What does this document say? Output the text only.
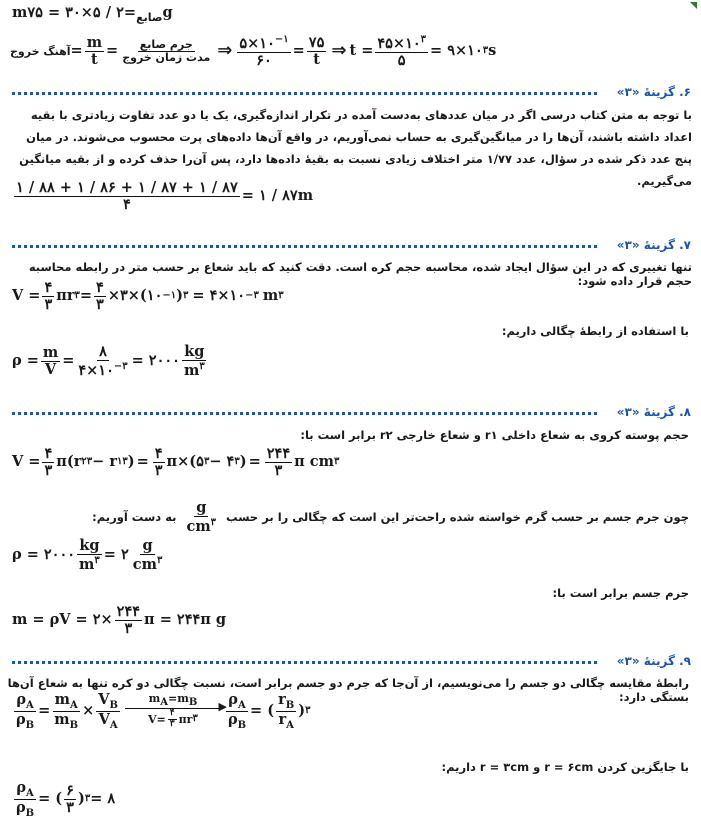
m	$_{صابع}$=۲ / ۵×۳۰ = ۷۵g
آهنگ خروج = $\frac{m}{t} = \frac{\text{جرم صابع}}{\text{مدت زمان خروج}}$ ⇒ $\frac{۵\times ۱۰^{-۱}}{۶۰} = \frac{۷۵}{t}$ ⇒ $t = \frac{۴۵\times ۱۰^۳}{۵}$ = ۹×۱۰ ۳ s
۶. گزینۀ «۳»
با توجه به متن کتاب درسی اگر در میان عددهای به‌دست آمده در تکرار اندازه‌گیری، یک یا دو عدد تفاوت زیادتری با بقیه اعداد داشته باشند، آن‌ها را در میانگین‌گیری به حساب نمی‌آوریم، در واقع آن‌ها داده‌های پرت محسوب می‌شوند. در میان پنج عدد ذکر شده در سؤال، عدد ۱/۷۷ متر اختلاف زیادی نسبت به بقیهٔ داده‌ها دارد، پس آن‌را حذف کرده و از بقیه میانگین می‌گیریم.
$\frac{۱ / ۸۸ + ۱ / ۸۶ + ۱ / ۸۷ + ۱ / ۸۷}{۴}$ = ۱ / ۸۷m
۷. گزینۀ «۳»
تنها تغییری که در این سؤال ایجاد شده، محاسبه حجم کره است. دقت کنید که باید شعاع بر حسب متر در رابطه محاسبه حجم قرار داده شود:
$V = \frac{۴}{۳}$ πr ۳ = $\frac{۴}{۳}$ ×۳×(۱۰ −۱ ) ۳ = ۴×۱۰ −۳ m ۳
با استفاده از رابطهٔ چگالی داریم:
$\rho = \frac{m}{V} = \frac{۸}{۴\times ۱۰^{-۳}}$ = ۲۰۰۰ $\frac{kg}{m^۳}$
۸. گزینۀ «۳»
حجم پوسته کروی به شعاع داخلی r۱ و شعاع خارجی r۲ برابر است با:
$V = \frac{۴}{۳} \pi(r$ ۲ ۳ − r ۱ ۳ ) = $\frac{۴}{۳}$ π×(۵ ۳ − ۴ ۳ ) = $\frac{۲۴۴}{۳}$ π cm ۳
چون جرم جسم بر حسب گرم خواسته شده راحت‌تر این است که چگالی را بر حسب
$\frac{g}{cm^۳}$
به دست آوریم:
ρ = ۲۰۰۰ $\frac{kg}{m^۳}$ = ۲ $\frac{g}{cm^۳}$
جرم جسم برابر است با:
m = ρV = ۲× $\frac{۲۴۴}{۳}$ π = ۲۴۴π g
۹. گزینۀ «۳»
رابطهٔ مقایسه چگالی دو جسم را می‌نویسیم، از آن‌جا که جرم دو جسم برابر است، نسبت چگالی دو کره تنها به شعاع آن‌ها بستگی دارد:
$\frac{\rho_A}{\rho_B} = \frac{m_A}{m_B} \times \frac{V_B}{V_A}$	$m_A=m_B$ ▶
$V= \frac{۴}{۳}$ πr ۳ $\frac{\rho_A}{\rho_B}$ = ( $\frac{r_B}{r_A}$ ) ۳
با جایگزین کردن r = ۶cm و r = ۳cm داریم:
$\frac{\rho_A}{\rho_B}$ = ( $\frac{۶}{۳}$ ) ۳ = ۸
